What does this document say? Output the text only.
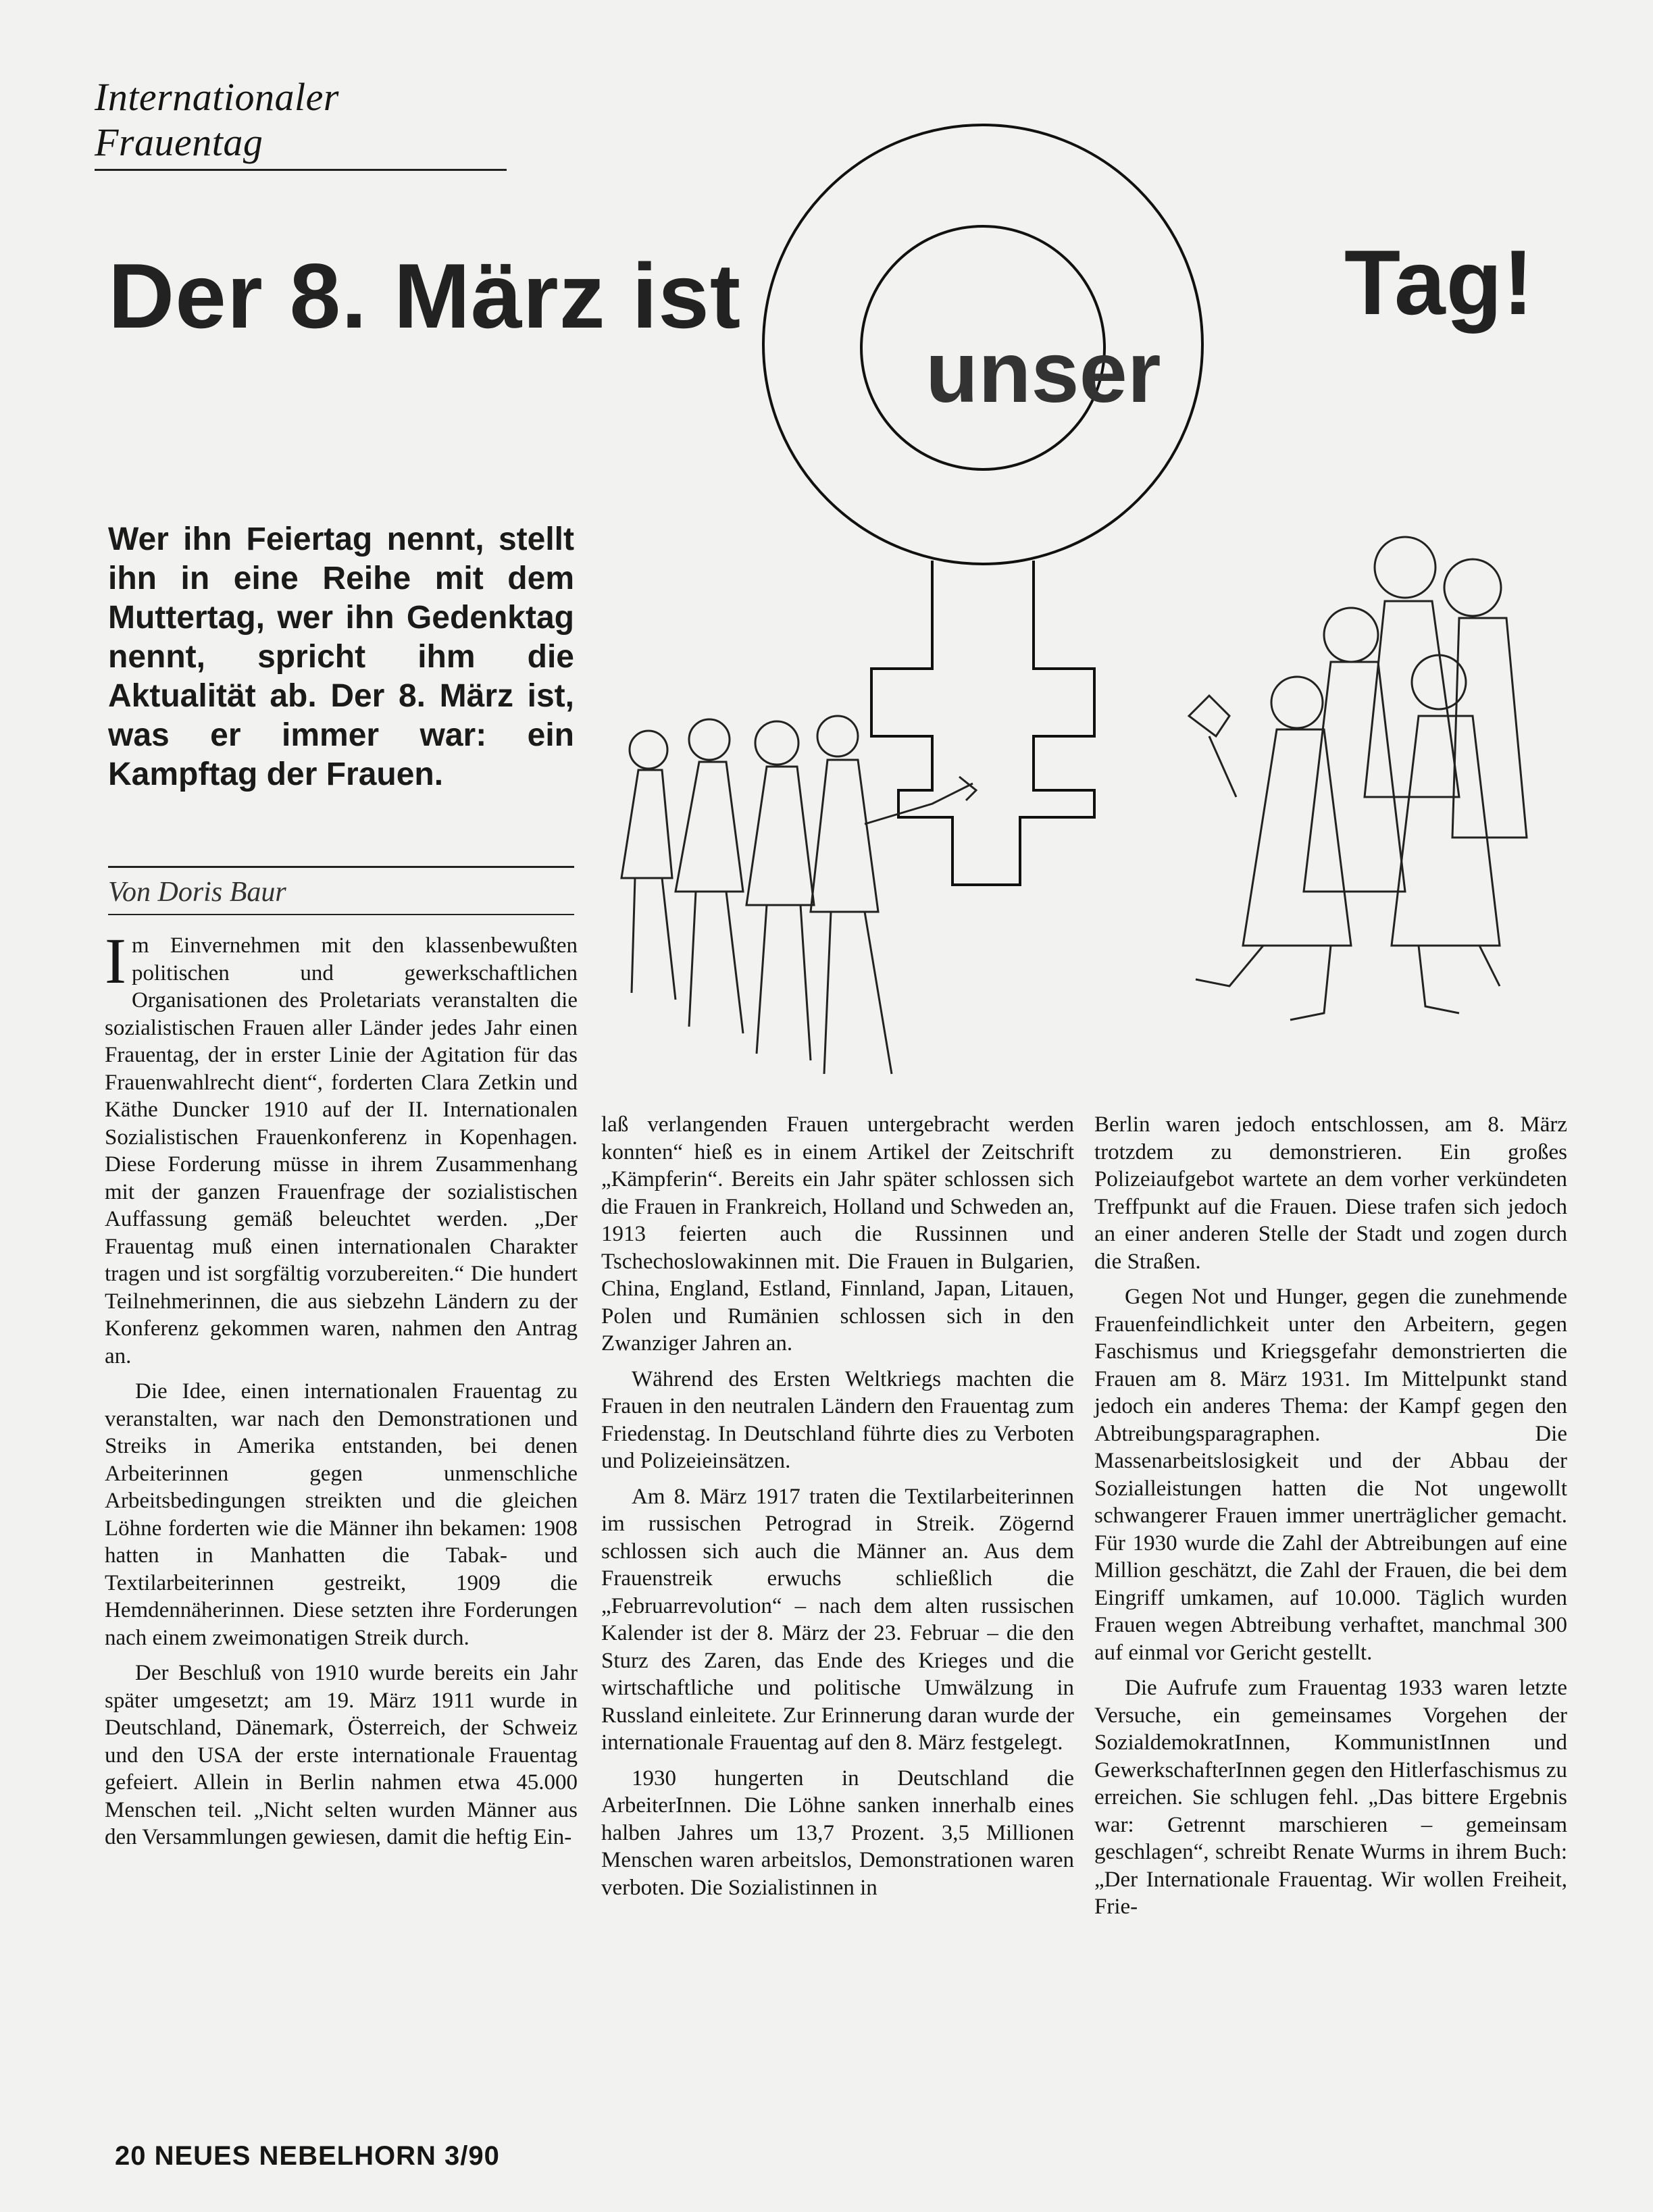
Internationaler Frauentag
Der 8. März ist
unser
Tag!
Wer ihn Feiertag nennt, stellt ihn in eine Reihe mit dem Muttertag, wer ihn Gedenktag nennt, spricht ihm die Aktualität ab. Der 8. März ist, was er immer war: ein Kampftag der Frauen.
Von Doris Baur

Im Einvernehmen mit den klassenbewußten politischen und gewerkschaftlichen Organisationen des Proletariats veranstalten die sozialistischen Frauen aller Länder jedes Jahr einen Frauentag, der in erster Linie der Agitation für das Frauenwahlrecht dient“, forderten Clara Zetkin und Käthe Duncker 1910 auf der II. Internationalen Sozialistischen Frauenkonferenz in Kopenhagen. Diese Forderung müsse in ihrem Zusammenhang mit der ganzen Frauenfrage der sozialistischen Auffassung gemäß beleuchtet werden. „Der Frauentag muß einen internationalen Charakter tragen und ist sorgfältig vorzubereiten.“ Die hundert Teilnehmerinnen, die aus siebzehn Ländern zu der Konferenz gekommen waren, nahmen den Antrag an.

Die Idee, einen internationalen Frauentag zu veranstalten, war nach den Demonstrationen und Streiks in Amerika entstanden, bei denen Arbeiterinnen gegen unmenschliche Arbeitsbedingungen streikten und die gleichen Löhne forderten wie die Männer ihn bekamen: 1908 hatten in Manhatten die Tabak- und Textilarbeiterinnen gestreikt, 1909 die Hemdennäherinnen. Diese setzten ihre Forderungen nach einem zweimonatigen Streik durch.

Der Beschluß von 1910 wurde bereits ein Jahr später umgesetzt; am 19. März 1911 wurde in Deutschland, Dänemark, Österreich, der Schweiz und den USA der erste internationale Frauentag gefeiert. Allein in Berlin nahmen etwa 45.000 Menschen teil. „Nicht selten wurden Männer aus den Versammlungen gewiesen, damit die heftig Ein-

laß verlangenden Frauen untergebracht werden konnten“ hieß es in einem Artikel der Zeitschrift „Kämpferin“. Bereits ein Jahr später schlossen sich die Frauen in Frankreich, Holland und Schweden an, 1913 feierten auch die Russinnen und Tschechoslowakinnen mit. Die Frauen in Bulgarien, China, England, Estland, Finnland, Japan, Litauen, Polen und Rumänien schlossen sich in den Zwanziger Jahren an.

Während des Ersten Weltkriegs machten die Frauen in den neutralen Ländern den Frauentag zum Friedenstag. In Deutschland führte dies zu Verboten und Polizeieinsätzen.

Am 8. März 1917 traten die Textilarbeiterinnen im russischen Petrograd in Streik. Zögernd schlossen sich auch die Männer an. Aus dem Frauenstreik erwuchs schließlich die „Februarrevolution“ – nach dem alten russischen Kalender ist der 8. März der 23. Februar – die den Sturz des Zaren, das Ende des Krieges und die wirtschaftliche und politische Umwälzung in Russland einleitete. Zur Erinnerung daran wurde der internationale Frauentag auf den 8. März festgelegt.

1930 hungerten in Deutschland die ArbeiterInnen. Die Löhne sanken innerhalb eines halben Jahres um 13,7 Prozent. 3,5 Millionen Menschen waren arbeitslos, Demonstrationen waren verboten. Die Sozialistinnen in

Berlin waren jedoch entschlossen, am 8. März trotzdem zu demonstrieren. Ein großes Polizeiaufgebot wartete an dem vorher verkündeten Treffpunkt auf die Frauen. Diese trafen sich jedoch an einer anderen Stelle der Stadt und zogen durch die Straßen.

Gegen Not und Hunger, gegen die zunehmende Frauenfeindlichkeit unter den Arbeitern, gegen Faschismus und Kriegsgefahr demonstrierten die Frauen am 8. März 1931. Im Mittelpunkt stand jedoch ein anderes Thema: der Kampf gegen den Abtreibungsparagraphen. Die Massenarbeitslosigkeit und der Abbau der Sozialleistungen hatten die Not ungewollt schwangerer Frauen immer unerträglicher gemacht. Für 1930 wurde die Zahl der Abtreibungen auf eine Million geschätzt, die Zahl der Frauen, die bei dem Eingriff umkamen, auf 10.000. Täglich wurden Frauen wegen Abtreibung verhaftet, manchmal 300 auf einmal vor Gericht gestellt.

Die Aufrufe zum Frauentag 1933 waren letzte Versuche, ein gemeinsames Vorgehen der SozialdemokratInnen, KommunistInnen und GewerkschafterInnen gegen den Hitlerfaschismus zu erreichen. Sie schlugen fehl. „Das bittere Ergebnis war: Getrennt marschieren – gemeinsam geschlagen“, schreibt Renate Wurms in ihrem Buch: „Der Internationale Frauentag. Wir wollen Freiheit, Frie-

20 NEUES NEBELHORN 3/90
